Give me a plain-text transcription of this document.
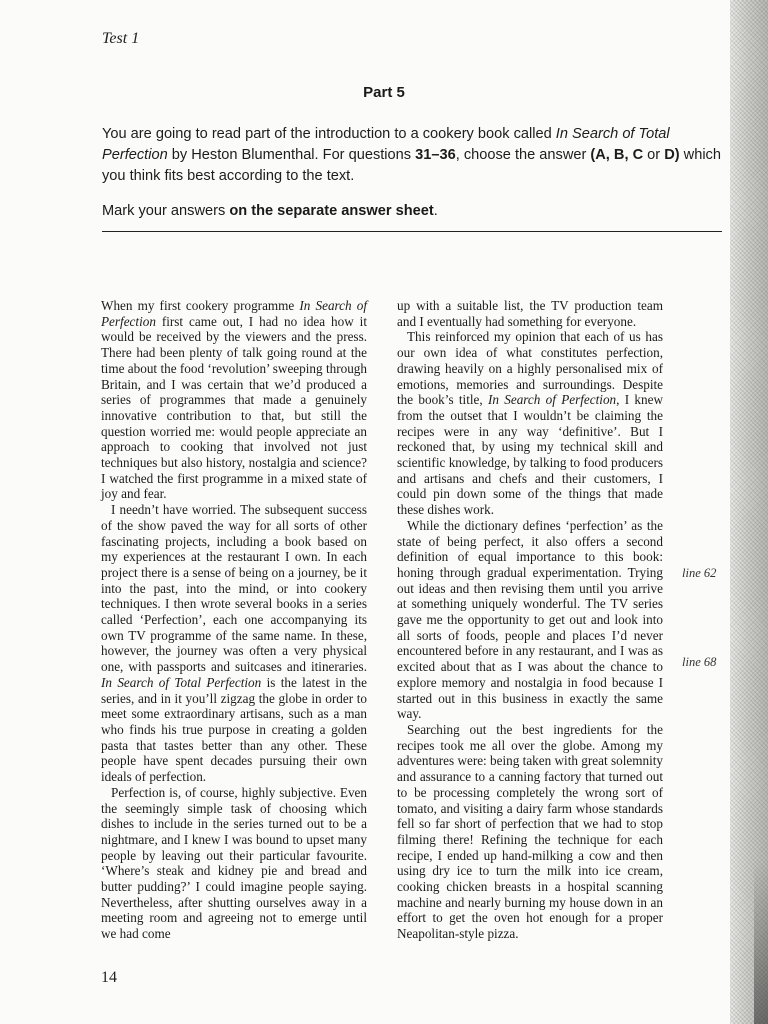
Test 1
Part 5
You are going to read part of the introduction to a cookery book called In Search of Total Perfection by Heston Blumenthal. For questions 31–36, choose the answer (A, B, C or D) which you think fits best according to the text.
Mark your answers on the separate answer sheet.

When my first cookery programme In Search of Perfection first came out, I had no idea how it would be received by the viewers and the press. There had been plenty of talk going round at the time about the food ‘revolution’ sweeping through Britain, and I was certain that we’d produced a series of programmes that made a genuinely innovative contribution to that, but still the question worried me: would people appreciate an approach to cooking that involved not just techniques but also history, nostalgia and science? I watched the first programme in a mixed state of joy and fear.

I needn’t have worried. The subsequent success of the show paved the way for all sorts of other fascinating projects, including a book based on my experiences at the restaurant I own. In each project there is a sense of being on a journey, be it into the past, into the mind, or into cookery techniques. I then wrote several books in a series called ‘Perfection’, each one accompanying its own TV programme of the same name. In these, however, the journey was often a very physical one, with passports and suitcases and itineraries. In Search of Total Perfection is the latest in the series, and in it you’ll zigzag the globe in order to meet some extraordinary artisans, such as a man who finds his true purpose in creating a golden pasta that tastes better than any other. These people have spent decades pursuing their own ideals of perfection.

Perfection is, of course, highly subjective. Even the seemingly simple task of choosing which dishes to include in the series turned out to be a nightmare, and I knew I was bound to upset many people by leaving out their particular favourite. ‘Where’s steak and kidney pie and bread and butter pudding?’ I could imagine people saying. Nevertheless, after shutting ourselves away in a meeting room and agreeing not to emerge until we had come

up with a suitable list, the TV production team and I eventually had something for everyone.

This reinforced my opinion that each of us has our own idea of what constitutes perfection, drawing heavily on a highly personalised mix of emotions, memories and surroundings. Despite the book’s title, In Search of Perfection, I knew from the outset that I wouldn’t be claiming the recipes were in any way ‘definitive’. But I reckoned that, by using my technical skill and scientific knowledge, by talking to food producers and artisans and chefs and their customers, I could pin down some of the things that made these dishes work.

While the dictionary defines ‘perfection’ as the state of being perfect, it also offers a second definition of equal importance to this book: honing through gradual experimentation. Trying out ideas and then revising them until you arrive at something uniquely wonderful. The TV series gave me the opportunity to get out and look into all sorts of foods, people and places I’d never encountered before in any restaurant, and I was as excited about that as I was about the chance to explore memory and nostalgia in food because I started out in this business in exactly the same way.

Searching out the best ingredients for the recipes took me all over the globe. Among my adventures were: being taken with great solemnity and assurance to a canning factory that turned out to be processing completely the wrong sort of tomato, and visiting a dairy farm whose standards fell so far short of perfection that we had to stop filming there! Refining the technique for each recipe, I ended up hand-milking a cow and then using dry ice to turn the milk into ice cream, cooking chicken breasts in a hospital scanning machine and nearly burning my house down in an effort to get the oven hot enough for a proper Neapolitan-style pizza.

line 62
line 68
14
